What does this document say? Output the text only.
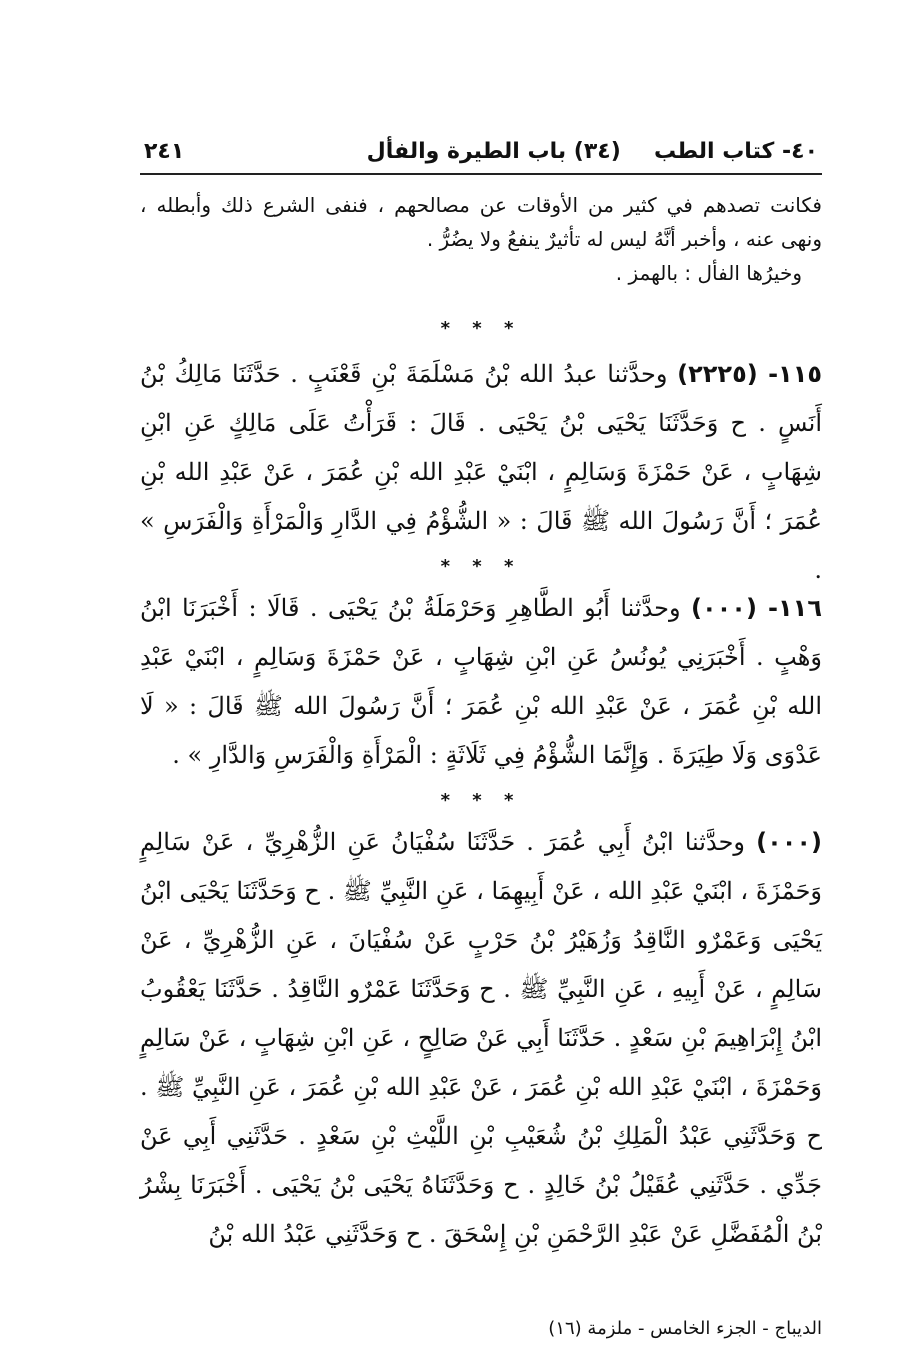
٤٠- كتاب الطب
(٣٤) باب الطيرة والفأل
٢٤١

فكانت تصدهم في كثير من الأوقات عن مصالحهم ، فنفى الشرع ذلك وأبطله ، ونهى عنه ، وأخبر أنَّهُ ليس له تأثيرٌ ينفعُ ولا يضُرُّ .

وخيرُها الفأل : بالهمز .

* * *

١١٥- (٢٢٢٥) وحدَّثنا عبدُ الله بْنُ مَسْلَمَةَ بْنِ قَعْنَبٍ . حَدَّثَنَا مَالِكُ بْنُ أَنَسٍ . ح وَحَدَّثَنَا يَحْيَى بْنُ يَحْيَى . قَالَ : قَرَأْتُ عَلَى مَالِكٍ عَنِ ابْنِ شِهَابٍ ، عَنْ حَمْزَةَ وَسَالِمٍ ، ابْنَيْ عَبْدِ الله بْنِ عُمَرَ ، عَنْ عَبْدِ الله بْنِ عُمَرَ ؛ أَنَّ رَسُولَ الله ﷺ قَالَ : « الشُّؤْمُ فِي الدَّارِ وَالْمَرْأَةِ وَالْفَرَسِ » .

* * *

١١٦- (٠٠٠) وحدَّثنا أَبُو الطَّاهِرِ وَحَرْمَلَةُ بْنُ يَحْيَى . قَالَا : أَخْبَرَنَا ابْنُ وَهْبٍ . أَخْبَرَنِي يُونُسُ عَنِ ابْنِ شِهَابٍ ، عَنْ حَمْزَةَ وَسَالِمٍ ، ابْنَيْ عَبْدِ الله بْنِ عُمَرَ ، عَنْ عَبْدِ الله بْنِ عُمَرَ ؛ أَنَّ رَسُولَ الله ﷺ قَالَ : « لَا عَدْوَى وَلَا طِيَرَةَ . وَإِنَّمَا الشُّؤْمُ فِي ثَلَاثَةٍ : الْمَرْأَةِ وَالْفَرَسِ وَالدَّارِ » .

* * *

(٠٠٠) وحدَّثنا ابْنُ أَبِي عُمَرَ . حَدَّثَنَا سُفْيَانُ عَنِ الزُّهْرِيِّ ، عَنْ سَالِمٍ وَحَمْزَةَ ، ابْنَيْ عَبْدِ الله ، عَنْ أَبِيهِمَا ، عَنِ النَّبِيِّ ﷺ . ح وَحَدَّثَنَا يَحْيَى ابْنُ يَحْيَى وَعَمْرٌو النَّاقِدُ وَزُهَيْرُ بْنُ حَرْبٍ عَنْ سُفْيَانَ ، عَنِ الزُّهْرِيِّ ، عَنْ سَالِمٍ ، عَنْ أَبِيهِ ، عَنِ النَّبِيِّ ﷺ . ح وَحَدَّثَنَا عَمْرٌو النَّاقِدُ . حَدَّثَنَا يَعْقُوبُ ابْنُ إِبْرَاهِيمَ بْنِ سَعْدٍ . حَدَّثَنَا أَبِي عَنْ صَالِحٍ ، عَنِ ابْنِ شِهَابٍ ، عَنْ سَالِمٍ وَحَمْزَةَ ، ابْنَيْ عَبْدِ الله بْنِ عُمَرَ ، عَنْ عَبْدِ الله بْنِ عُمَرَ ، عَنِ النَّبِيِّ ﷺ . ح وَحَدَّثَنِي عَبْدُ الْمَلِكِ بْنُ شُعَيْبِ بْنِ اللَّيْثِ بْنِ سَعْدٍ . حَدَّثَنِي أَبِي عَنْ جَدِّي . حَدَّثَنِي عُقَيْلُ بْنُ خَالِدٍ . ح وَحَدَّثَنَاهُ يَحْيَى بْنُ يَحْيَى . أَخْبَرَنَا بِشْرُ بْنُ الْمُفَضَّلِ عَنْ عَبْدِ الرَّحْمَنِ بْنِ إِسْحَقَ . ح وَحَدَّثَنِي عَبْدُ الله بْنُ

الديباج - الجزء الخامس - ملزمة (١٦)
